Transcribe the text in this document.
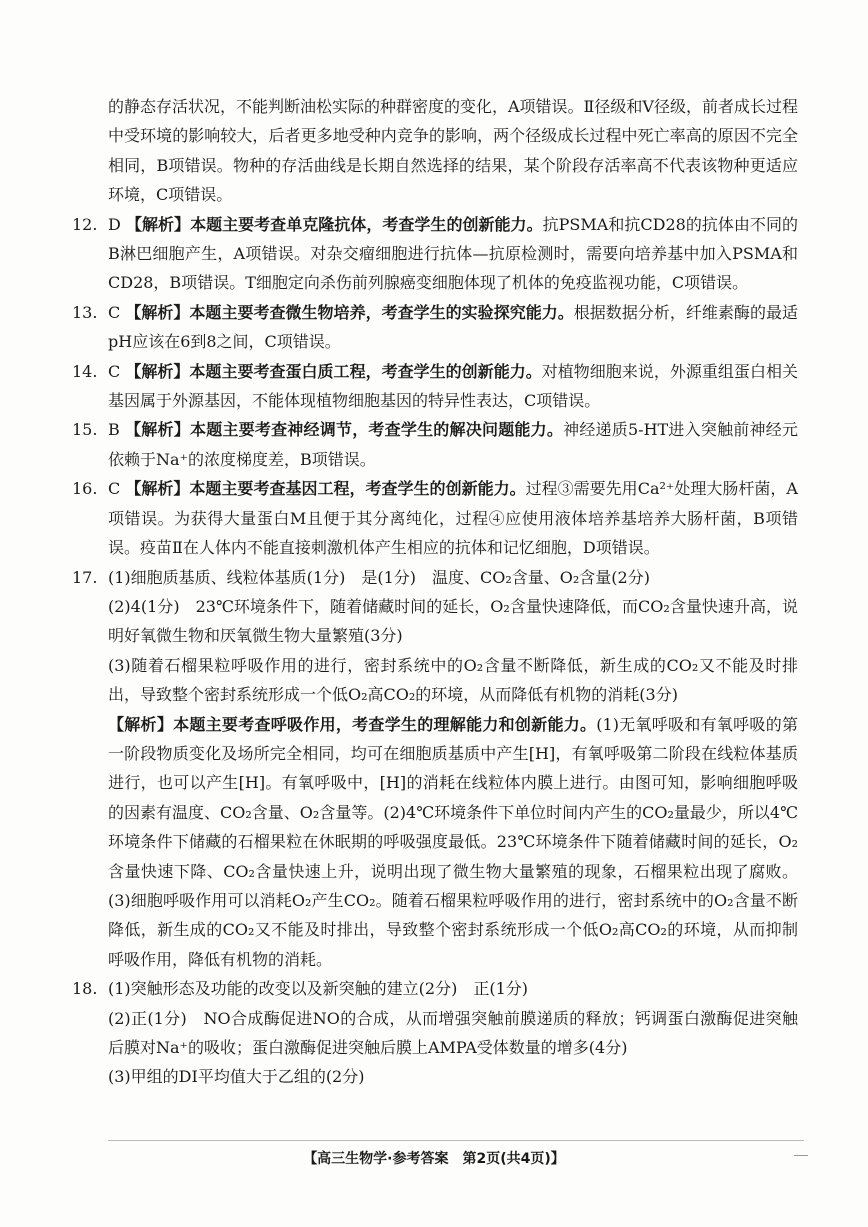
的静态存活状况，不能判断油松实际的种群密度的变化，A项错误。Ⅱ径级和Ⅴ径级，前者成长过程中受环境的影响较大，后者更多地受种内竞争的影响，两个径级成长过程中死亡率高的原因不完全相同，B项错误。物种的存活曲线是长期自然选择的结果，某个阶段存活率高不代表该物种更适应环境，C项错误。

12. D 【解析】本题主要考查单克隆抗体，考查学生的创新能力。抗PSMA和抗CD28的抗体由不同的B淋巴细胞产生，A项错误。对杂交瘤细胞进行抗体—抗原检测时，需要向培养基中加入PSMA和CD28，B项错误。T细胞定向杀伤前列腺癌变细胞体现了机体的免疫监视功能，C项错误。
13. C 【解析】本题主要考查微生物培养，考查学生的实验探究能力。根据数据分析，纤维素酶的最适pH应该在6到8之间，C项错误。
14. C 【解析】本题主要考查蛋白质工程，考查学生的创新能力。对植物细胞来说，外源重组蛋白相关基因属于外源基因，不能体现植物细胞基因的特异性表达，C项错误。
15. B 【解析】本题主要考查神经调节，考查学生的解决问题能力。神经递质5-HT进入突触前神经元依赖于Na⁺的浓度梯度差，B项错误。
16. C 【解析】本题主要考查基因工程，考查学生的创新能力。过程③需要先用Ca²⁺处理大肠杆菌，A项错误。为获得大量蛋白M且便于其分离纯化，过程④应使用液体培养基培养大肠杆菌，B项错误。疫苗Ⅱ在人体内不能直接刺激机体产生相应的抗体和记忆细胞，D项错误。
17. (1)细胞质基质、线粒体基质(1分)　是(1分)　温度、CO₂含量、O₂含量(2分)
(2)4(1分)　23℃环境条件下，随着储藏时间的延长，O₂含量快速降低，而CO₂含量快速升高，说明好氧微生物和厌氧微生物大量繁殖(3分)
(3)随着石榴果粒呼吸作用的进行，密封系统中的O₂含量不断降低，新生成的CO₂又不能及时排出，导致整个密封系统形成一个低O₂高CO₂的环境，从而降低有机物的消耗(3分)
【解析】本题主要考查呼吸作用，考查学生的理解能力和创新能力。(1)无氧呼吸和有氧呼吸的第一阶段物质变化及场所完全相同，均可在细胞质基质中产生[H]，有氧呼吸第二阶段在线粒体基质进行，也可以产生[H]。有氧呼吸中，[H]的消耗在线粒体内膜上进行。由图可知，影响细胞呼吸的因素有温度、CO₂含量、O₂含量等。(2)4℃环境条件下单位时间内产生的CO₂量最少，所以4℃环境条件下储藏的石榴果粒在休眠期的呼吸强度最低。23℃环境条件下随着储藏时间的延长，O₂含量快速下降、CO₂含量快速上升，说明出现了微生物大量繁殖的现象，石榴果粒出现了腐败。(3)细胞呼吸作用可以消耗O₂产生CO₂。随着石榴果粒呼吸作用的进行，密封系统中的O₂含量不断降低，新生成的CO₂又不能及时排出，导致整个密封系统形成一个低O₂高CO₂的环境，从而抑制呼吸作用，降低有机物的消耗。
18. (1)突触形态及功能的改变以及新突触的建立(2分)　正(1分)
(2)正(1分)　NO合成酶促进NO的合成，从而增强突触前膜递质的释放；钙调蛋白激酶促进突触后膜对Na⁺的吸收；蛋白激酶促进突触后膜上AMPA受体数量的增多(4分)
(3)甲组的DI平均值大于乙组的(2分)
【高三生物学·参考答案　第2页(共4页)】
